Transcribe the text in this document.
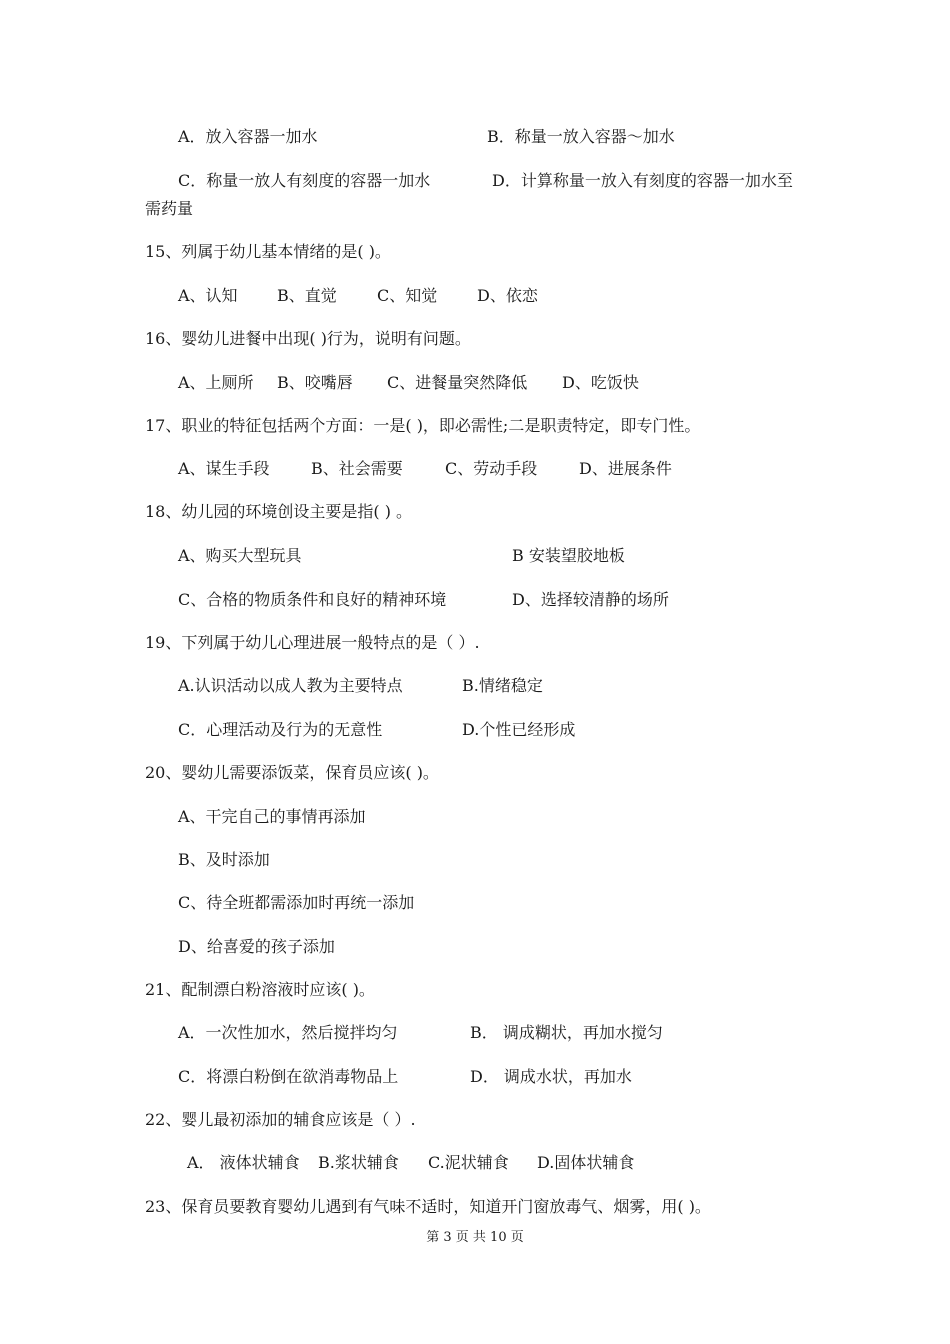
A．放入容器一加水	B．称量一放入容器～加水
C．称量一放人有刻度的容器一加水	D．计算称量一放入有刻度的容器一加水至
需药量
15、列属于幼儿基本情绪的是( )。
A、认知 B、直觉	C、知觉 D、依恋
16、婴幼儿进餐中出现( )行为，说明有问题。
A、上厕所 B、咬嘴唇 C、进餐量突然降低 D、吃饭快
17、职业的特征包括两个方面：一是( )，即必需性;二是职责特定，即专门性。
A、谋生手段	B、社会需要	C、劳动手段	D、进展条件
18、幼儿园的环境创设主要是指( ) 。
A、购买大型玩具	B 安装望胶地板
C、合格的物质条件和良好的精神环境	D、选择较清静的场所
19、下列属于幼儿心理进展一般特点的是（ ）.
A.认识活动以成人教为主要特点	B.情绪稳定
C．心理活动及行为的无意性	D.个性已经形成
20、婴幼儿需要添饭菜，保育员应该( )。
A、干完自己的事情再添加
B、及时添加
C、待全班都需添加时再统一添加
D、给喜爱的孩子添加
21、配制漂白粉溶液时应该( )。
A．一次性加水，然后搅拌均匀	B． 调成糊状，再加水搅匀
C．将漂白粉倒在欲消毒物品上	D． 调成水状，再加水
22、婴儿最初添加的辅食应该是（ ）.
A． 液体状辅食 B.浆状辅食 C.泥状辅食 D.固体状辅食
23、保育员要教育婴幼儿遇到有气味不适时，知道开门窗放毒气、烟雾，用( )。
第 3 页 共 10 页
